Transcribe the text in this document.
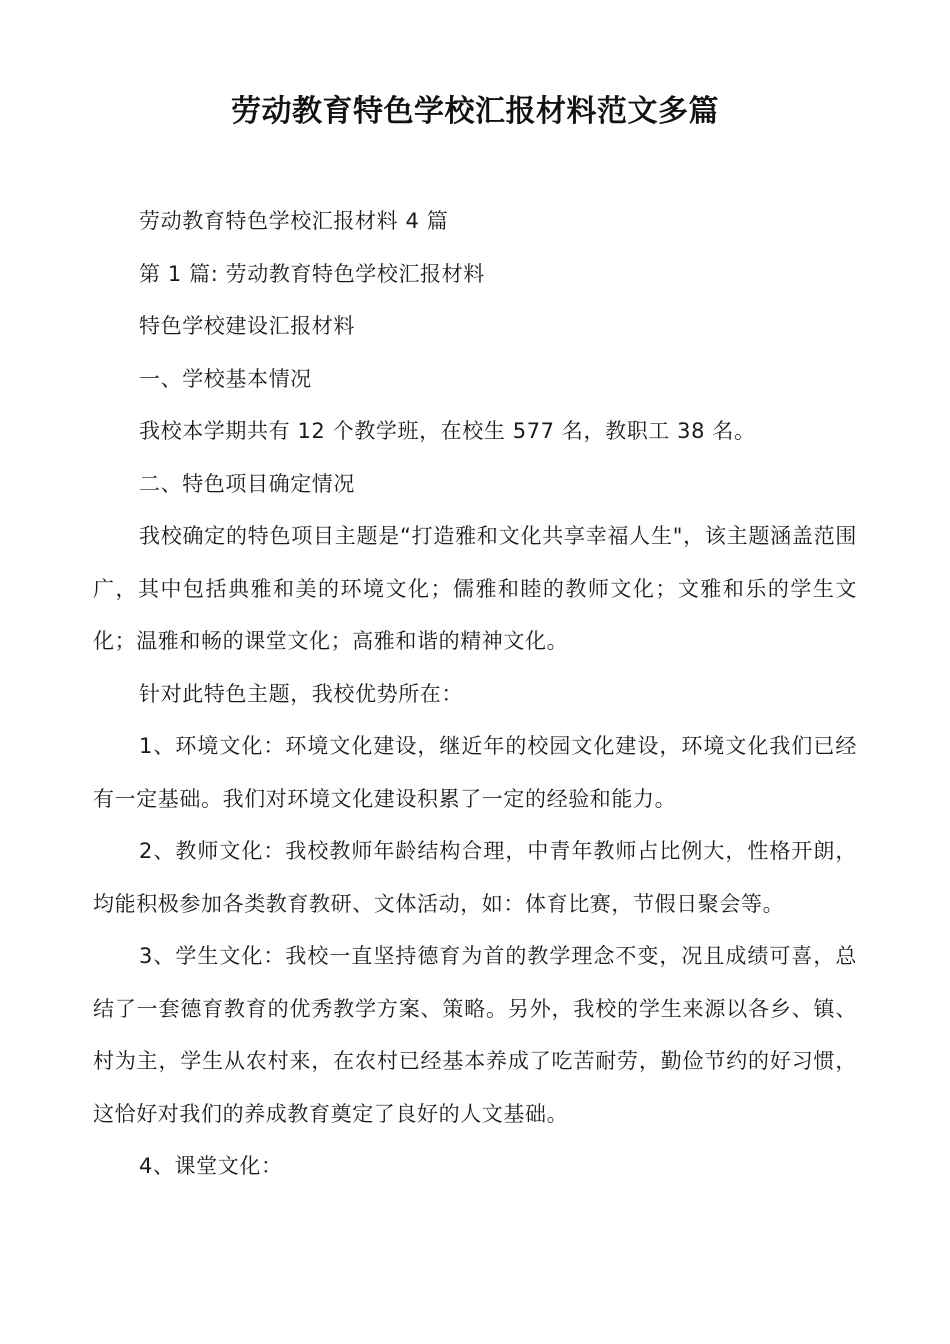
劳动教育特色学校汇报材料范文多篇

劳动教育特色学校汇报材料 4 篇

第 1 篇: 劳动教育特色学校汇报材料

特色学校建设汇报材料

一、学校基本情况

我校本学期共有 12 个教学班，在校生 577 名，教职工 38 名。

二、特色项目确定情况

我校确定的特色项目主题是“打造雅和文化共享幸福人生"，该主题涵盖范围广，其中包括典雅和美的环境文化；儒雅和睦的教师文化；文雅和乐的学生文化；温雅和畅的课堂文化；高雅和谐的精神文化。

针对此特色主题，我校优势所在：

1、环境文化：环境文化建设，继近年的校园文化建设，环境文化我们已经有一定基础。我们对环境文化建设积累了一定的经验和能力。

2、教师文化：我校教师年龄结构合理，中青年教师占比例大，性格开朗，均能积极参加各类教育教研、文体活动，如：体育比赛，节假日聚会等。

3、学生文化：我校一直坚持德育为首的教学理念不变，况且成绩可喜，总结了一套德育教育的优秀教学方案、策略。另外，我校的学生来源以各乡、镇、村为主，学生从农村来，在农村已经基本养成了吃苦耐劳，勤俭节约的好习惯，这恰好对我们的养成教育奠定了良好的人文基础。

4、课堂文化：
